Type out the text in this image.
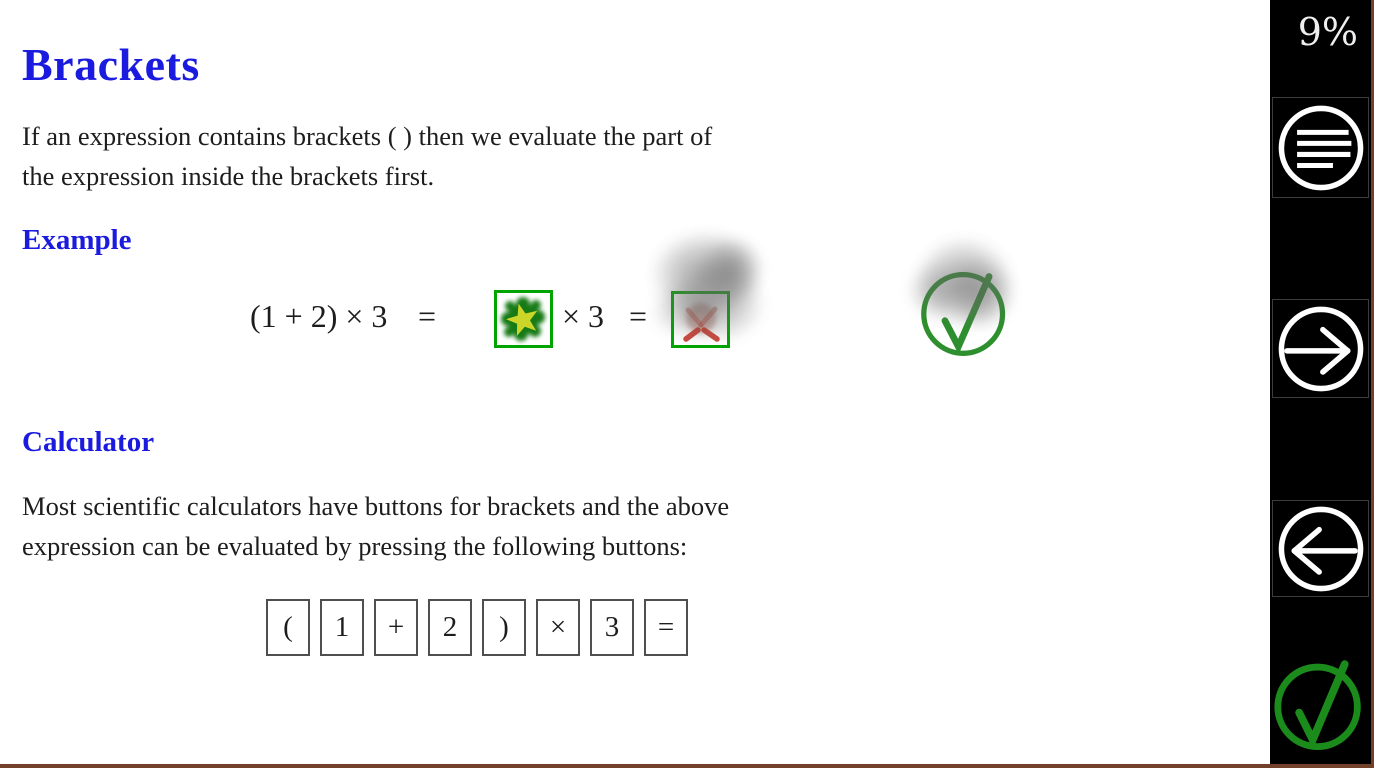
Brackets
If an expression contains brackets ( ) then we evaluate the part of
the expression inside the brackets first.
Example
(1 + 2) × 3 =	× 3 =
Calculator
Most scientific calculators have buttons for brackets and the above
expression can be evaluated by pressing the following buttons:
(	1	+	2	)	×	3	=
9%
